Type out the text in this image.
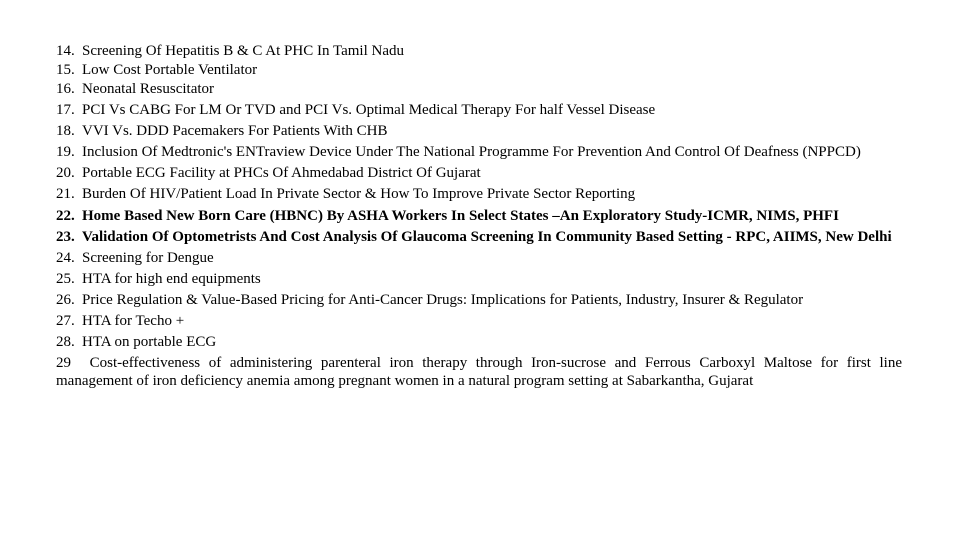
14. Screening Of Hepatitis B & C At PHC In Tamil Nadu
15. Low Cost Portable Ventilator
16. Neonatal Resuscitator
17. PCI Vs CABG For LM Or TVD and PCI Vs. Optimal Medical Therapy For half Vessel Disease
18. VVI Vs. DDD Pacemakers For Patients With CHB
19. Inclusion Of Medtronic's ENTraview Device Under The National Programme For Prevention And Control Of Deafness (NPPCD)
20. Portable ECG Facility at PHCs Of Ahmedabad District Of Gujarat
21. Burden Of HIV/Patient Load In Private Sector & How To Improve Private Sector Reporting
22. Home Based New Born Care (HBNC) By ASHA Workers In Select States –An Exploratory Study-ICMR, NIMS, PHFI
23. Validation Of Optometrists And Cost Analysis Of Glaucoma Screening In Community Based Setting - RPC, AIIMS, New Delhi
24. Screening for Dengue
25. HTA for high end equipments
26. Price Regulation & Value-Based Pricing for Anti-Cancer Drugs: Implications for Patients, Industry, Insurer & Regulator
27. HTA for Techo +
28. HTA on portable ECG
29 Cost-effectiveness of administering parenteral iron therapy through Iron-sucrose and Ferrous Carboxyl Maltose for first line management of iron deficiency anemia among pregnant women in a natural program setting at Sabarkantha, Gujarat
